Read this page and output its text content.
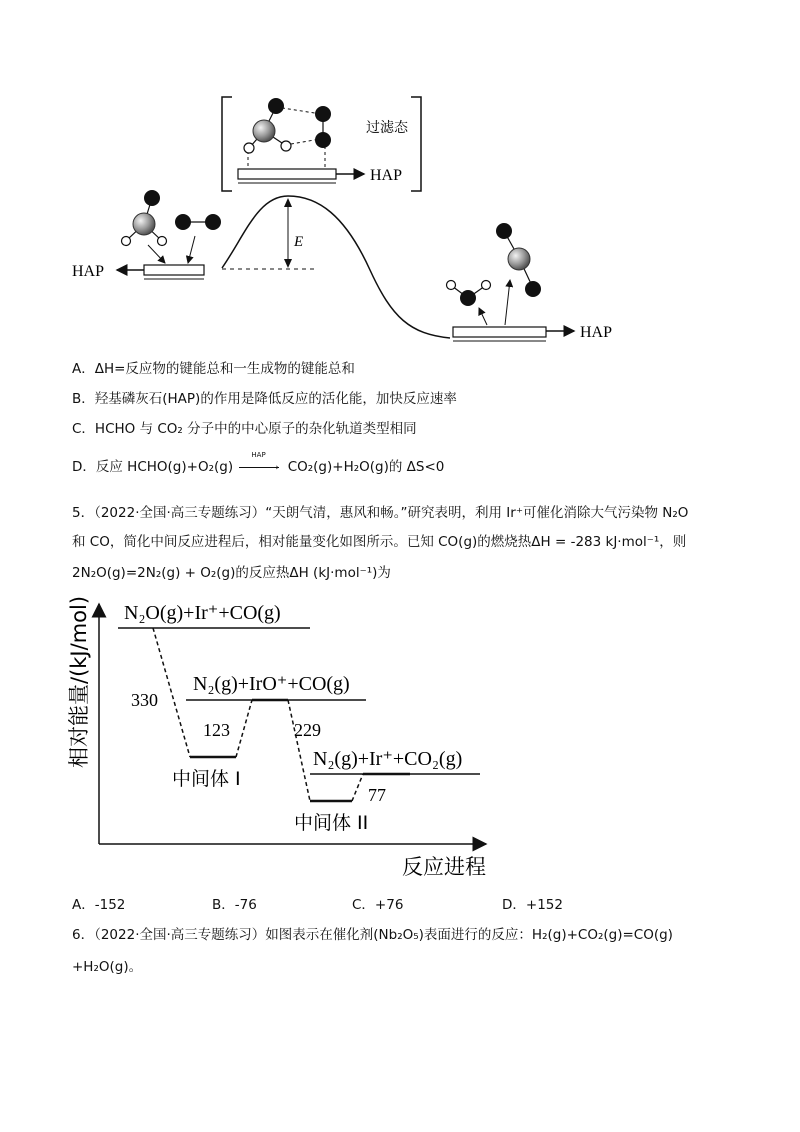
过滤态
HAP
E
HAP
HAP
A．ΔH=反应物的键能总和一生成物的键能总和
B．羟基磷灰石(HAP)的作用是降低反应的活化能，加快反应速率
C．HCHO 与 CO₂ 分子中的中心原子的杂化轨道类型相同
D．反应 HCHO(g)+O₂(g)
HAP
› CO₂(g)+H₂O(g)的 ΔS<0
5．（2022·全国·高三专题练习）“天朗气清，惠风和畅。”研究表明，利用 Ir⁺可催化消除大气污染物 N₂O
和 CO，简化中间反应进程后，相对能量变化如图所示。已知 CO(g)的燃烧热ΔH = -283 kJ·mol⁻¹，则
2N₂O(g)=2N₂(g) + O₂(g)的反应热ΔH (kJ·mol⁻¹)为
相对能量/(kJ/mol)
反应进程
N₂O(g)+Ir⁺+CO(g)
中间体 I
N₂(g)+IrO⁺+CO(g)
中间体 II
N₂(g)+Ir⁺+CO₂(g)
330
123	229
77
A．-152	B．-76	C．+76	D．+152
6．（2022·全国·高三专题练习）如图表示在催化剂(Nb₂O₅)表面进行的反应：H₂(g)+CO₂(g)=CO(g)
+H₂O(g)。
